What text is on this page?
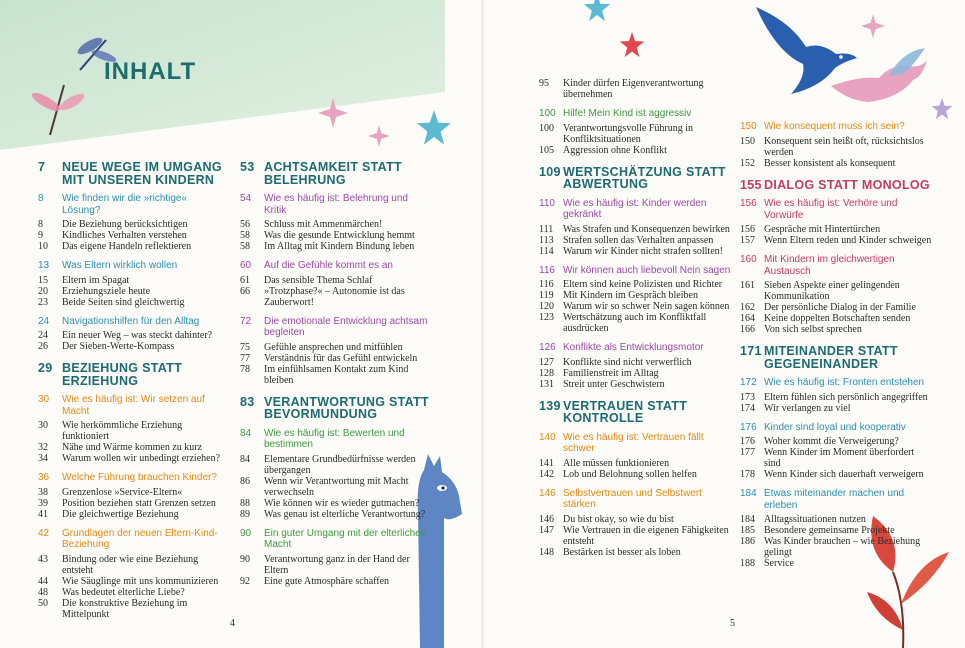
INHALT
7	NEUE WEGE IM UMGANG MIT UNSEREN KINDERN
8	Wie finden wir die »richtige« Lösung?
8	Die Beziehung berücksichtigen
9	Kindliches Verhalten verstehen
10	Das eigene Handeln reflektieren
13	Was Eltern wirklich wollen
15	Eltern im Spagat
20	Erziehungsziele heute
23	Beide Seiten sind gleichwertig
24	Navigationshilfen für den Alltag
24	Ein neuer Weg – was steckt dahinter?
26	Der Sieben-Werte-Kompass
29 BEZIEHUNG STATT ERZIEHUNG
30	Wie es häufig ist: Wir setzen auf Macht
30	Wie herkömmliche Erziehung funktioniert
32	Nähe und Wärme kommen zu kurz
34	Warum wollen wir unbedingt erziehen?
36	Welche Führung brauchen Kinder?
38	Grenzenlose »Service-Eltern«
39	Position beziehen statt Grenzen setzen
41	Die gleichwertige Beziehung
42	Grundlagen der neuen Eltern-Kind-Beziehung
43	Bindung oder wie eine Beziehung entsteht
44	Wie Säuglinge mit uns kommunizieren
48	Was bedeutet elterliche Liebe?
50	Die konstruktive Beziehung im Mittelpunkt
53 ACHTSAMKEIT STATT BELEHRUNG
54	Wie es häufig ist: Belehrung und Kritik
56	Schluss mit Ammenmärchen!
58	Was die gesunde Entwicklung hemmt
58	Im Alltag mit Kindern Bindung leben
60	Auf die Gefühle kommt es an
61	Das sensible Thema Schlaf
66	»Trotzphase?« – Autonomie ist das Zauberwort!
72	Die emotionale Entwicklung achtsam begleiten
75	Gefühle ansprechen und mitfühlen
77	Verständnis für das Gefühl entwickeln
78	Im einfühlsamen Kontakt zum Kind bleiben
83 VERANTWORTUNG STATT BEVORMUNDUNG
84	Wie es häufig ist: Bewerten und bestimmen
84	Elementare Grundbedürfnisse werden übergangen
86	Wenn wir Verantwortung mit Macht verwechseln
88	Wie können wir es wieder gutmachen?
89	Was genau ist elterliche Verantwortung?
90	Ein guter Umgang mit der elterlichen Macht
90	Verantwortung ganz in der Hand der Eltern
92	Eine gute Atmosphäre schaffen
4
95	Kinder dürfen Eigenverantwortung übernehmen
100 Hilfe! Mein Kind ist aggressiv
100 Verantwortungsvolle Führung in Konfliktsituationen
105 Aggression ohne Konflikt
109 WERTSCHÄTZUNG STATT ABWERTUNG
110 Wie es häufig ist: Kinder werden gekränkt
111 Was Strafen und Konsequenzen bewirken
113 Strafen sollen das Verhalten anpassen
114 Warum wir Kinder nicht strafen sollten!
116 Wir können auch liebevoll Nein sagen
116 Eltern sind keine Polizisten und Richter
119 Mit Kindern im Gespräch bleiben
120 Warum wir so schwer Nein sagen können
123 Wertschätzung auch im Konfliktfall ausdrücken
126 Konflikte als Entwicklungsmotor
127 Konflikte sind nicht verwerflich
128 Familienstreit im Alltag
131 Streit unter Geschwistern
139 VERTRAUEN STATT KONTROLLE
140 Wie es häufig ist: Vertrauen fällt schwer
141 Alle müssen funktionieren
142 Lob und Belohnung sollen helfen
146 Selbstvertrauen und Selbstwert stärken
146 Du bist okay, so wie du bist
147 Wie Vertrauen in die eigenen Fähigkeiten entsteht
148 Bestärken ist besser als loben
150 Wie konsequent muss ich sein?
150 Konsequent sein heißt oft, rücksichtslos werden
152 Besser konsistent als konsequent
155 DIALOG STATT MONOLOG
156 Wie es häufig ist: Verhöre und Vorwürfe
156 Gespräche mit Hintertürchen
157 Wenn Eltern reden und Kinder schweigen
160 Mit Kindern im gleichwertigen Austausch
161 Sieben Aspekte einer gelingenden Kommunikation
162 Der persönliche Dialog in der Familie
164 Keine doppelten Botschaften senden
166 Von sich selbst sprechen
171 MITEINANDER STATT GEGENEINANDER
172 Wie es häufig ist: Fronten entstehen
173 Eltern fühlen sich persönlich angegriffen
174 Wir verlangen zu viel
176 Kinder sind loyal und kooperativ
176 Woher kommt die Verweigerung?
177 Wenn Kinder im Moment überfordert sind
178 Wenn Kinder sich dauerhaft verweigern
184 Etwas miteinander machen und erleben
184 Alltagssituationen nutzen
185 Besondere gemeinsame Projekte
186 Was Kinder brauchen – wie Beziehung gelingt
188 Service
5
